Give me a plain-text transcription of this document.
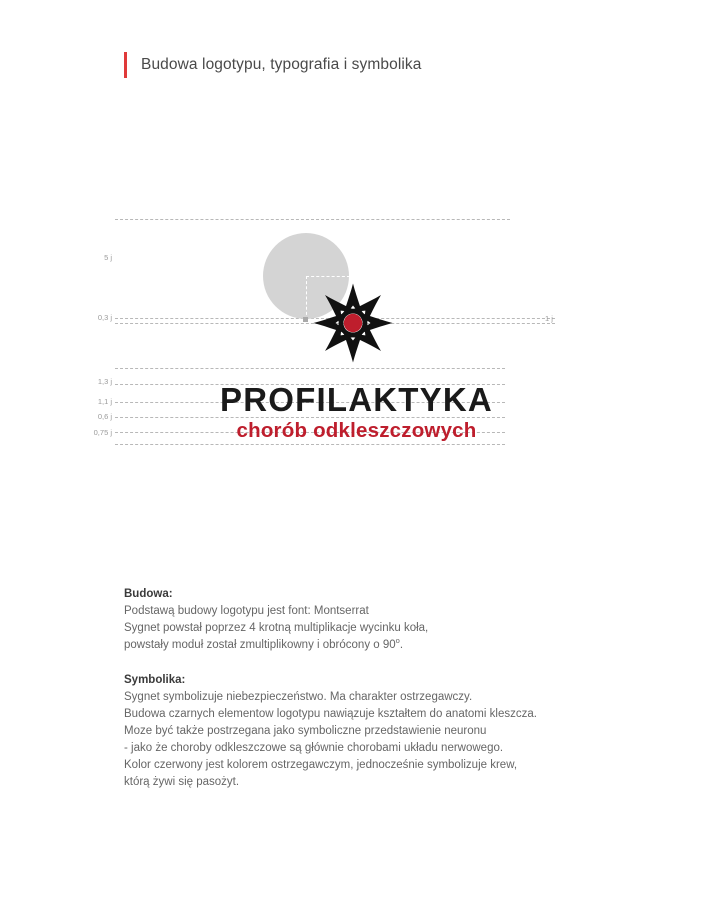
Budowa logotypu, typografia i symbolika
5 j
0,3 j
1,3 j
1,1 j
0,6 j
0,75 j
1 j
PROFILAKTYKA
chorób odkleszczowych
Budowa:
Podstawą budowy logotypu jest font: Montserrat
Sygnet powstał poprzez 4 krotną multiplikacje wycinku koła,
powstały moduł został zmultiplikowny i obrócony o 90$^o$.
Symbolika:
Sygnet symbolizuje niebezpieczeństwo. Ma charakter ostrzegawczy.
Budowa czarnych elementow logotypu nawiązuje kształtem do anatomi kleszcza.
Moze być także postrzegana jako symboliczne przedstawienie neuronu
- jako że choroby odkleszczowe są głównie chorobami układu nerwowego.
Kolor czerwony jest kolorem ostrzegawczym, jednocześnie symbolizuje krew,
którą żywi się pasożyt.
